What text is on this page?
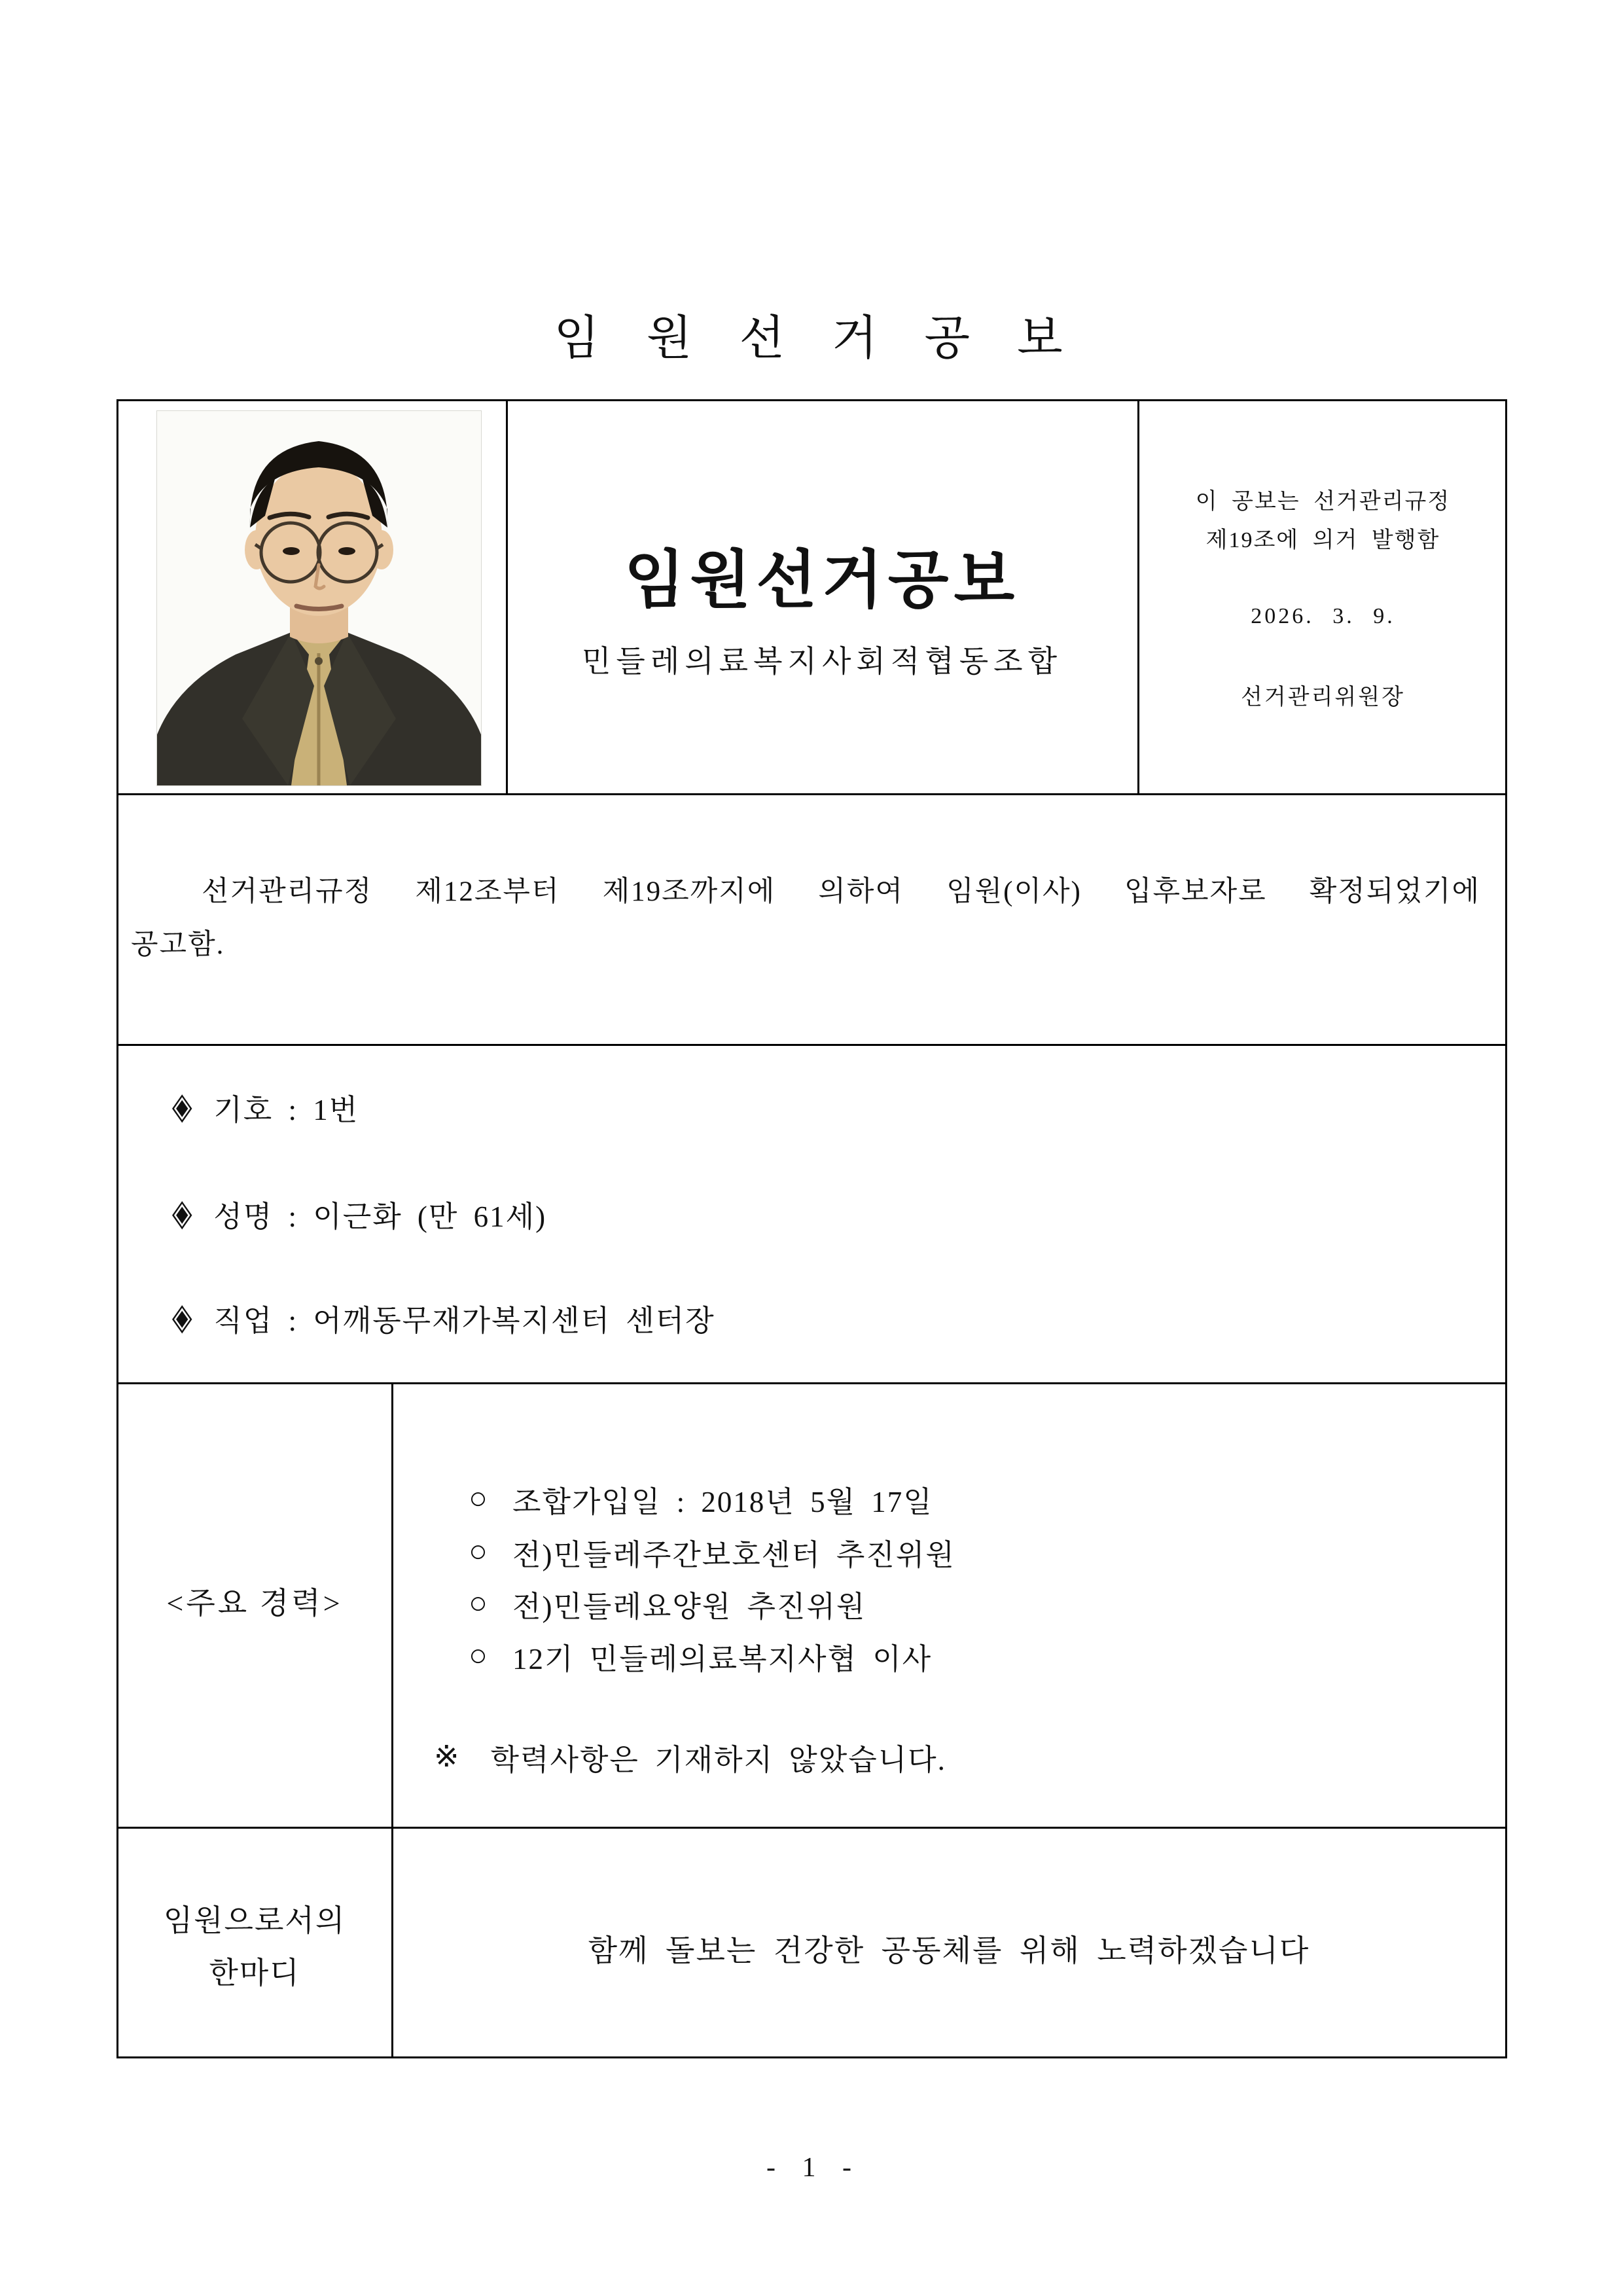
임 원 선 거 공 보
임원선거공보
민들레의료복지사회적협동조합
이 공보는 선거관리규정
제19조에 의거 발행함
2026. 3. 9.
선거관리위원장
선거관리규정 제12조부터 제19조까지에 의하여 임원(이사) 입후보자로 확정되었기에
공고함.
◈ 기호 : 1번
◈ 성명 : 이근화 (만 61세)
◈ 직업 : 어깨동무재가복지센터 센터장
<주요 경력>
○ 조합가입일 : 2018년 5월 17일
○ 전)민들레주간보호센터 추진위원
○ 전)민들레요양원 추진위원
○ 12기 민들레의료복지사협 이사
※ 학력사항은 기재하지 않았습니다.
임원으로서의
한마디
함께 돌보는 건강한 공동체를 위해 노력하겠습니다
- 1 -
